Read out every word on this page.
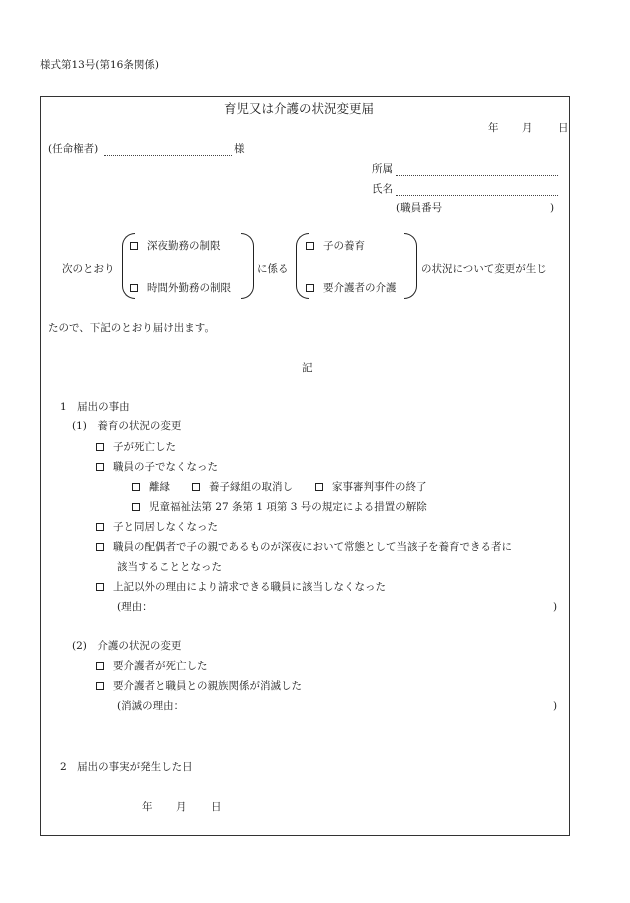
様式第13号(第16条関係)
育児又は介護の状況変更届
年 月 日
(任命権者)	様
所属
氏名
(職員番号	)
次のとおり
深夜勤務の制限
時間外勤務の制限
に係る
子の養育
要介護者の介護
の状況について変更が生じ
たので、下記のとおり届け出ます。
記
1　届出の事由
(1)　養育の状況の変更
子が死亡した
職員の子でなくなった
離縁	養子縁組の取消し	家事審判事件の終了
児童福祉法第 27 条第 1 項第 3 号の規定による措置の解除
子と同居しなくなった
職員の配偶者で子の親であるものが深夜において常態として当該子を養育できる者に
該当することとなった
上記以外の理由により請求できる職員に該当しなくなった
(理由：	)
(2)　介護の状況の変更
要介護者が死亡した
要介護者と職員との親族関係が消滅した
(消滅の理由：	)
2　届出の事実が発生した日
年 月 日
